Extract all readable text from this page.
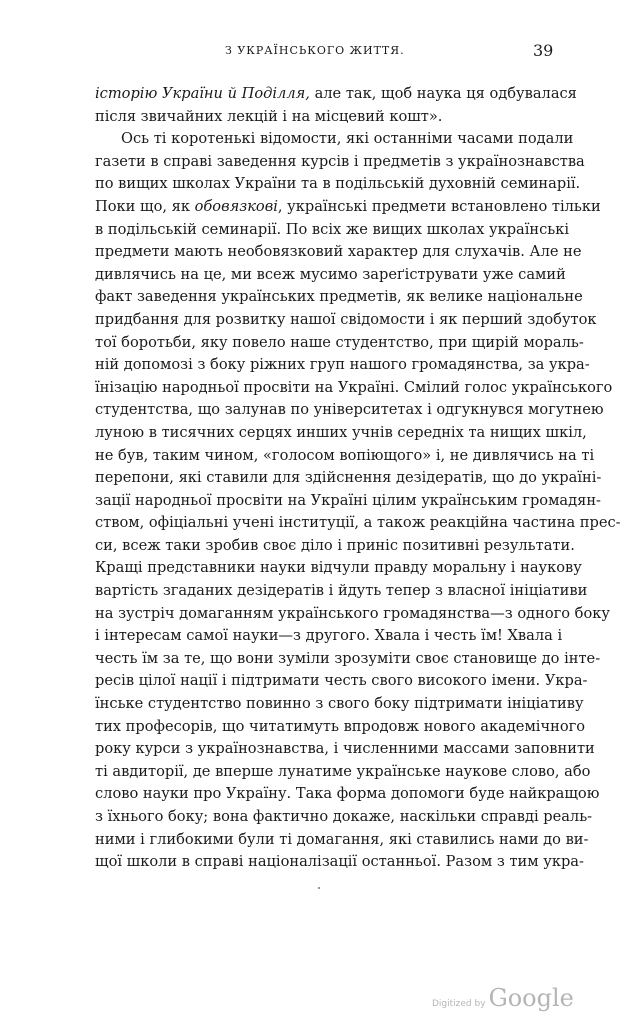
З УКРАЇНСЬКОГО ЖИТТЯ.	39
історію України й Поділля, але так, щоб наука ця одбувалася
після звичайних лекцій і на місцевий кошт».
Ось ті коротенькі відомости, які останніми часами подали
газети в справі заведення курсів і предметів з українознавства
по вищих школах України та в подільській духовній семинарії.
Поки що, як обовязкові, українські предмети встановлено тільки
в подільській семинарії. По всіх же вищих школах українські
предмети мають необовязковий характер для слухачів. Але не
дивлячись на це, ми всеж мусимо зареґіструвати уже самий
факт заведення українських предметів, як велике національне
придбання для розвитку нашої свідомости і як перший здобуток
тої боротьби, яку повело наше студентство, при щирій мораль-
ній допомозі з боку ріжних груп нашого громадянства, за укра-
їнізацію народньої просвіти на Україні. Смілий голос українського
студентства, що залунав по університетах і одгукнувся могутнею
луною в тисячних серцях инших учнів середніх та нищих шкіл,
не був, таким чином, «голосом вопіющого» і, не дивлячись на ті
перепони, які ставили для здійснення дезідератів, що до україні-
зації народньої просвіти на Україні цілим українським громадян-
ством, офіціальні учені інституції, а також реакційна частина прес-
си, всеж таки зробив своє діло і приніс позитивні результати.
Кращі представники науки відчули правду моральну і наукову
вартість згаданих дезідератів і йдуть тепер з власної ініціативи
на зустріч домаганням українського громадянства—з одного боку
і інтересам самої науки—з другого. Хвала і честь їм! Хвала і
честь їм за те, що вони зуміли зрозуміти своє становище до інте-
ресів цілої нації і підтримати честь свого високого імени. Укра-
їнське студентство повинно з свого боку підтримати ініціативу
тих професорів, що читатимуть впродовж нового академічного
року курси з українознавства, і численними массами заповнити
ті авдиторії, де вперше лунатиме українське наукове слово, або
слово науки про Україну. Така форма допомоги буде найкращою
з їхнього боку; вона фактично докаже, наскільки справді реаль-
ними і глибокими були ті домагання, які ставились нами до ви-
щої школи в справі націоналізації останньої. Разом з тим укра-
Digitized by Google
